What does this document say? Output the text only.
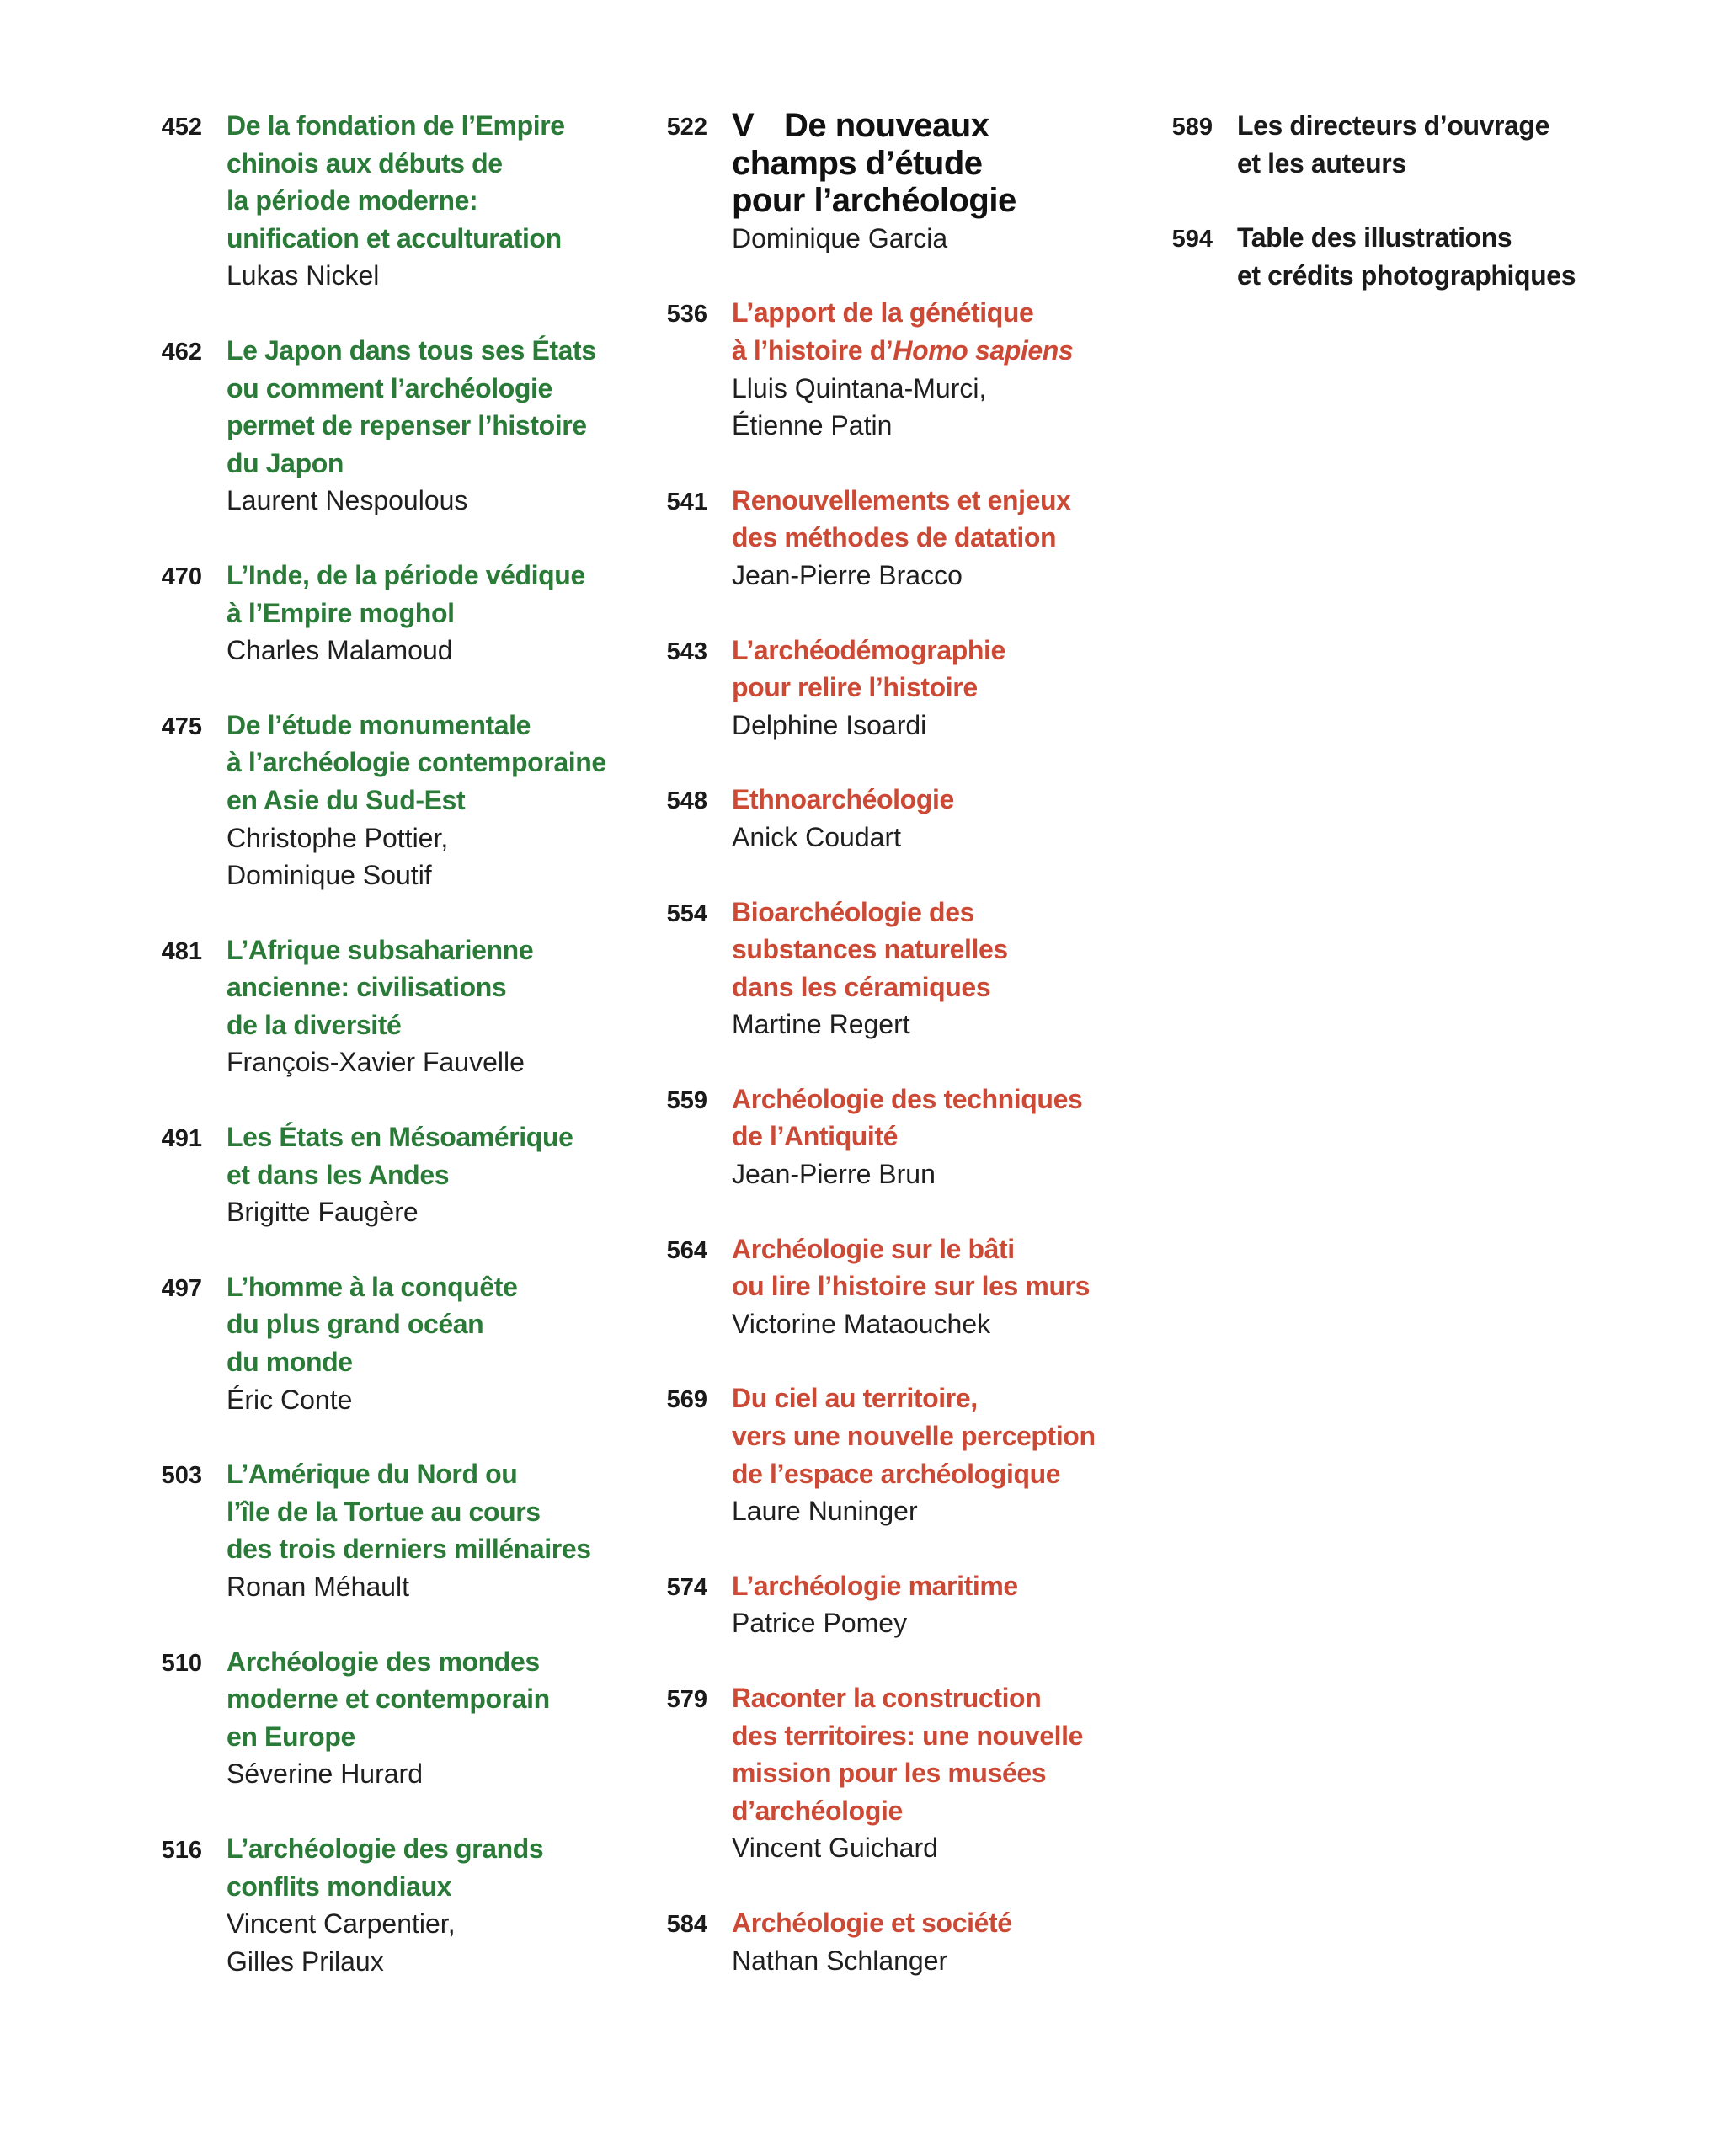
452 De la fondation de l’Empire
chinois aux débuts de
la période moderne:
unification et acculturation
Lukas Nickel
462 Le Japon dans tous ses États
ou comment l’archéologie
permet de repenser l’histoire
du Japon
Laurent Nespoulous
470 L’Inde, de la période védique
à l’Empire moghol
Charles Malamoud
475 De l’étude monumentale
à l’archéologie contemporaine
en Asie du Sud-Est
Christophe Pottier,
Dominique Soutif
481 L’Afrique subsaharienne
ancienne: civilisations
de la diversité
François-Xavier Fauvelle
491 Les États en Mésoamérique
et dans les Andes
Brigitte Faugère
497 L’homme à la conquête
du plus grand océan
du monde
Éric Conte
503 L’Amérique du Nord ou
l’île de la Tortue au cours
des trois derniers millénaires
Ronan Méhault
510 Archéologie des mondes
moderne et contemporain
en Europe
Séverine Hurard
516 L’archéologie des grands
conflits mondiaux
Vincent Carpentier,
Gilles Prilaux
522 V De nouveaux
champs d’étude
pour l’archéologie
Dominique Garcia
536 L’apport de la génétique
à l’histoire d’Homo sapiens
Lluis Quintana-Murci,
Étienne Patin
541 Renouvellements et enjeux
des méthodes de datation
Jean-Pierre Bracco
543 L’archéodémographie
pour relire l’histoire
Delphine Isoardi
548 Ethnoarchéologie
Anick Coudart
554 Bioarchéologie des
substances naturelles
dans les céramiques
Martine Regert
559 Archéologie des techniques
de l’Antiquité
Jean-Pierre Brun
564 Archéologie sur le bâti
ou lire l’histoire sur les murs
Victorine Mataouchek
569 Du ciel au territoire,
vers une nouvelle perception
de l’espace archéologique
Laure Nuninger
574 L’archéologie maritime
Patrice Pomey
579 Raconter la construction
des territoires: une nouvelle
mission pour les musées
d’archéologie
Vincent Guichard
584 Archéologie et société
Nathan Schlanger
589 Les directeurs d’ouvrage
et les auteurs
594 Table des illustrations
et crédits photographiques
